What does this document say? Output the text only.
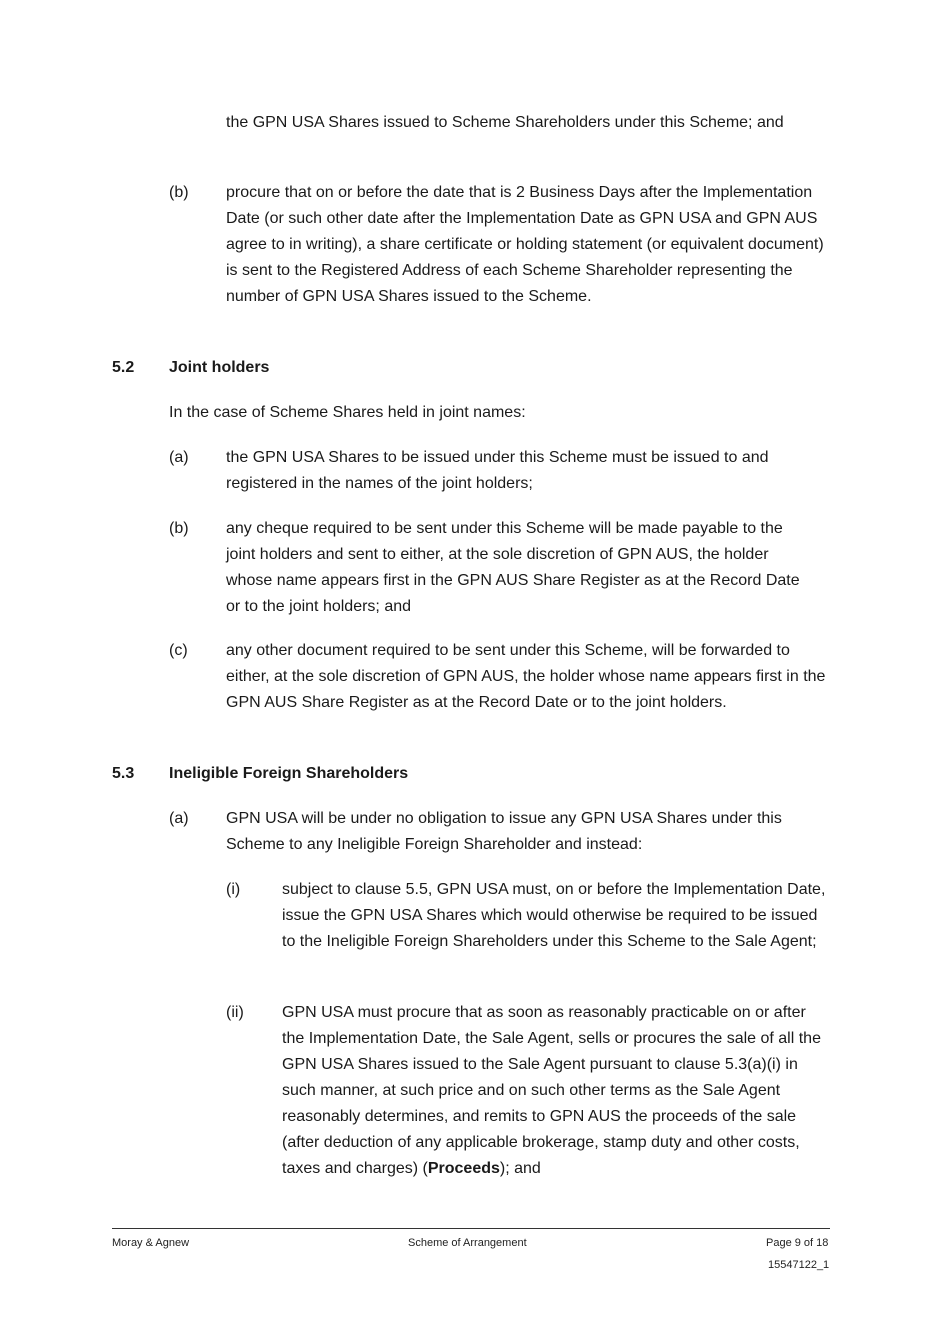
the GPN USA Shares issued to Scheme Shareholders under this Scheme; and

(b) procure that on or before the date that is 2 Business Days after the Implementation Date (or such other date after the Implementation Date as GPN USA and GPN AUS agree to in writing), a share certificate or holding statement (or equivalent document) is sent to the Registered Address of each Scheme Shareholder representing the number of GPN USA Shares issued to the Scheme.

5.2 Joint holders

In the case of Scheme Shares held in joint names:

(a) the GPN USA Shares to be issued under this Scheme must be issued to and registered in the names of the joint holders;

(b) any cheque required to be sent under this Scheme will be made payable to the joint holders and sent to either, at the sole discretion of GPN AUS, the holder whose name appears first in the GPN AUS Share Register as at the Record Date or to the joint holders; and

(c) any other document required to be sent under this Scheme, will be forwarded to either, at the sole discretion of GPN AUS, the holder whose name appears first in the GPN AUS Share Register as at the Record Date or to the joint holders.

5.3 Ineligible Foreign Shareholders
(a) GPN USA will be under no obligation to issue any GPN USA Shares under this Scheme to any Ineligible Foreign Shareholder and instead:

(i)	subject to clause 5.5, GPN USA must, on or before the Implementation Date, issue the GPN USA Shares which would otherwise be required to be issued to the Ineligible Foreign Shareholders under this Scheme to the Sale Agent;

(ii) GPN USA must procure that as soon as reasonably practicable on or after the Implementation Date, the Sale Agent, sells or procures the sale of all the GPN USA Shares issued to the Sale Agent pursuant to clause 5.3(a)(i) in such manner, at such price and on such other terms as the Sale Agent reasonably determines, and remits to GPN AUS the proceeds of the sale (after deduction of any applicable brokerage, stamp duty and other costs, taxes and charges) (Proceeds); and

Moray & Agnew	Scheme of Arrangement	Page 9 of 18
15547122_1
